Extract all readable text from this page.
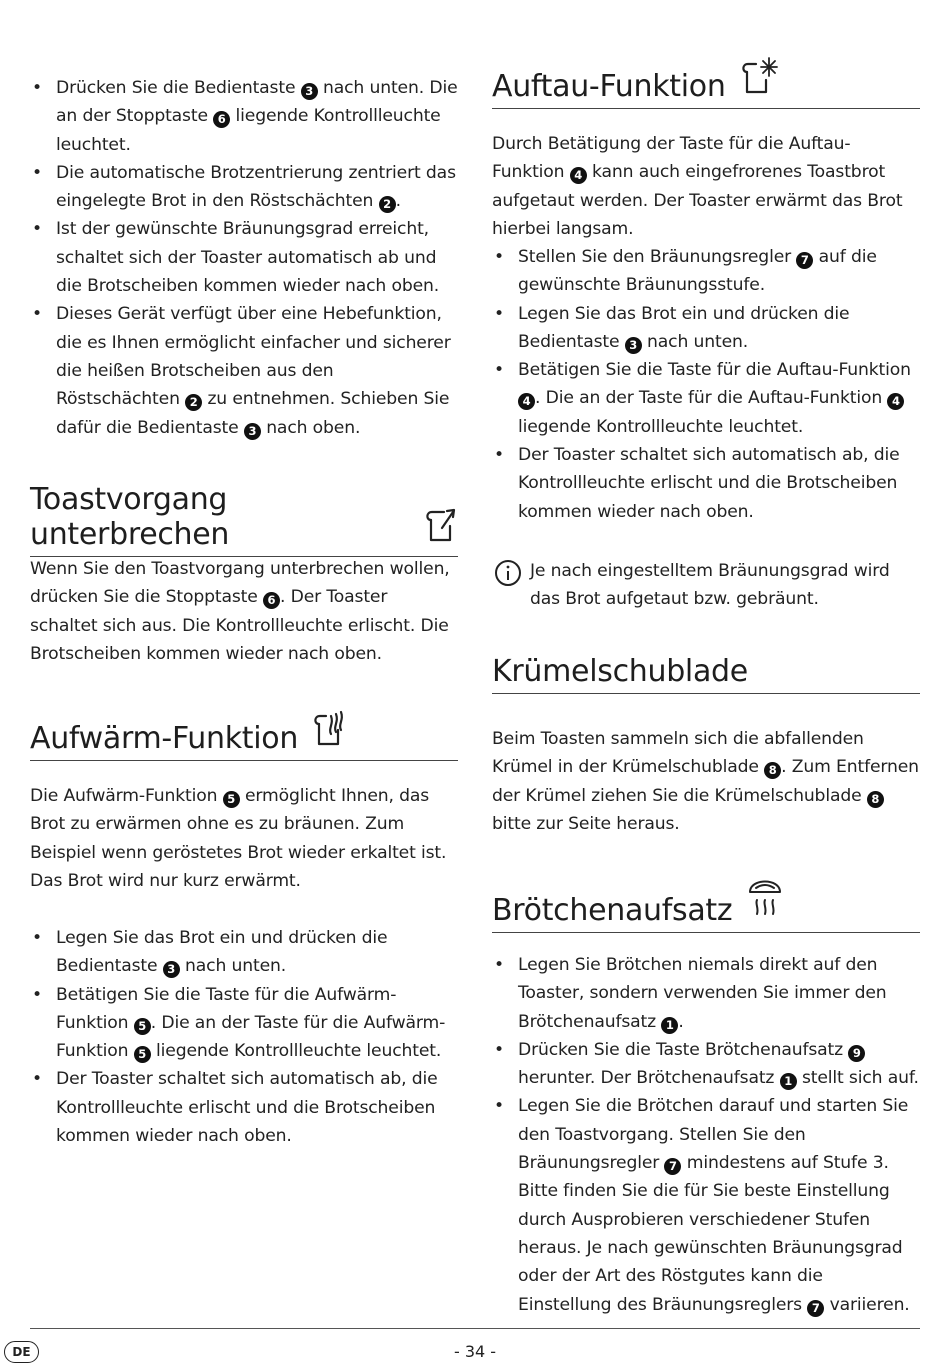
• Drücken Sie die Bedientaste 3 nach unten. Die an der Stopptaste 6 liegende Kontrollleuchte leuchtet.
• Die automatische Brotzentrierung zentriert das eingelegte Brot in den Röstschächten 2 .
• Ist der gewünschte Bräunungsgrad erreicht, schaltet sich der Toaster automatisch ab und die Brotscheiben kommen wieder nach oben.
• Dieses Gerät verfügt über eine Hebefunktion, die es Ihnen ermöglicht einfacher und sicherer die heißen Brotscheiben aus den Röstschächten 2 zu entnehmen. Schieben Sie dafür die Bedientaste 3 nach oben.
Toastvorgang unterbrechen

Wenn Sie den Toastvorgang unterbrechen wollen, drücken Sie die Stopptaste 6 . Der Toaster schaltet sich aus. Die Kontrollleuchte erlischt. Die Brotscheiben kommen wieder nach oben.

Aufwärm-Funktion

Die Aufwärm-Funktion 5 ermöglicht Ihnen, das Brot zu erwärmen ohne es zu bräunen. Zum Beispiel wenn geröstetes Brot wieder erkaltet ist. Das Brot wird nur kurz erwärmt.

• Legen Sie das Brot ein und drücken die Bedientaste 3 nach unten.
• Betätigen Sie die Taste für die Aufwärm-Funktion 5 . Die an der Taste für die Aufwärm-Funktion 5 liegende Kontrollleuchte leuchtet.
• Der Toaster schaltet sich automatisch ab, die Kontrollleuchte erlischt und die Brotscheiben kommen wieder nach oben.
Auftau-Funktion

Durch Betätigung der Taste für die Auftau-Funktion 4 kann auch eingefrorenes Toastbrot aufgetaut werden. Der Toaster erwärmt das Brot hierbei langsam.

• Stellen Sie den Bräunungsregler 7 auf die gewünschte Bräunungsstufe.
• Legen Sie das Brot ein und drücken die Bedientaste 3 nach unten.
• Betätigen Sie die Taste für die Auftau-Funktion 4 . Die an der Taste für die Auftau-Funktion 4 liegende Kontrollleuchte leuchtet.
• Der Toaster schaltet sich automatisch ab, die Kontrollleuchte erlischt und die Brotscheiben kommen wieder nach oben.

Je nach eingestelltem Bräunungsgrad wird das Brot aufgetaut bzw. gebräunt.

Krümelschublade

Beim Toasten sammeln sich die abfallenden Krümel in der Krümelschublade 8 . Zum Entfernen der Krümel ziehen Sie die Krümelschublade 8 bitte zur Seite heraus.

Brötchenaufsatz
• Legen Sie Brötchen niemals direkt auf den Toaster, sondern verwenden Sie immer den Brötchenaufsatz 1 .
• Drücken Sie die Taste Brötchenaufsatz 9 herunter. Der Brötchenaufsatz 1 stellt sich auf.
• Legen Sie die Brötchen darauf und starten Sie den Toastvorgang. Stellen Sie den Bräunungsregler 7 mindestens auf Stufe 3. Bitte finden Sie die für Sie beste Einstellung durch Ausprobieren verschiedener Stufen heraus. Je nach gewünschten Bräunungsgrad oder der Art des Röstgutes kann die Einstellung des Bräunungsreglers 7 variieren.
DE	- 34 -
